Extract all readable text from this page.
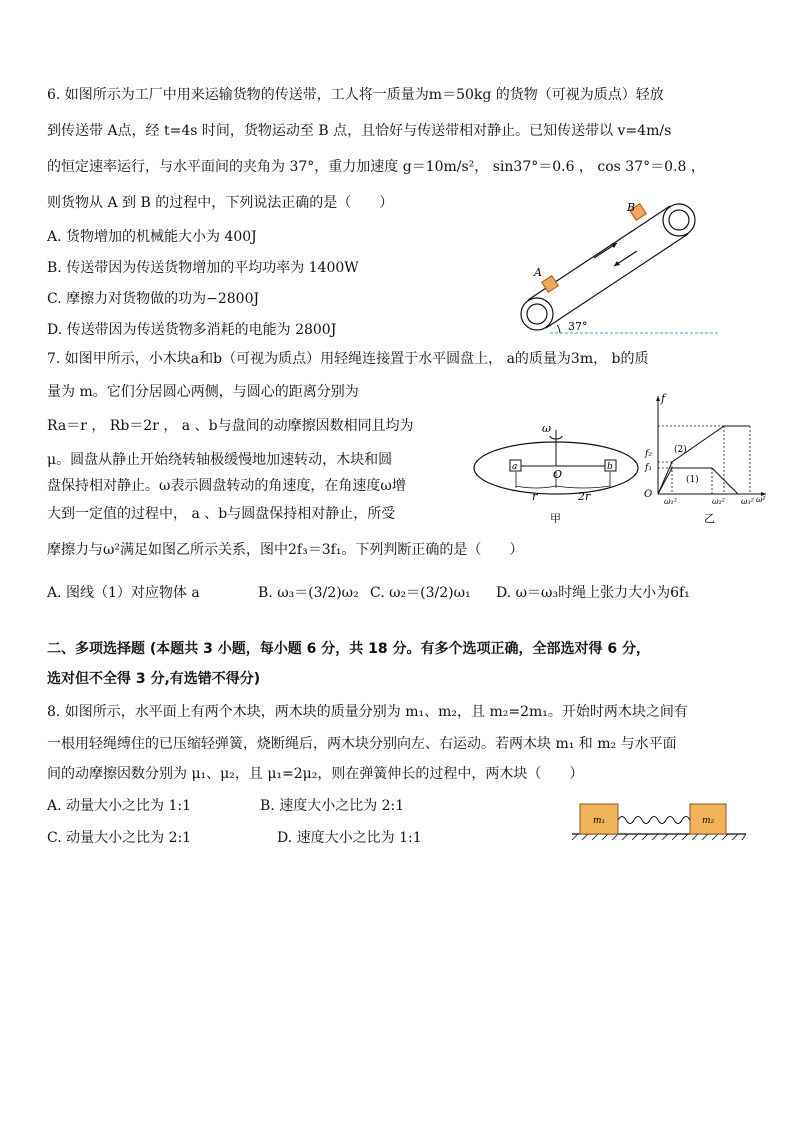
6. 如图所示为工厂中用来运输货物的传送带，工人将一质量为m＝50kg 的货物（可视为质点）轻放
到传送带 A点，经 t=4s 时间，货物运动至 B 点，且恰好与传送带相对静止。已知传送带以 v=4m/s
的恒定速率运行，与水平面间的夹角为 37°，重力加速度 g＝10m/s²， sin37°＝0.6 ， cos 37°＝0.8 ，
则货物从 A 到 B 的过程中，下列说法正确的是（　　）
A. 货物增加的机械能大小为 400J
B. 传送带因为传送货物增加的平均功率为 1400W
C. 摩擦力对货物做的功为−2800J
D. 传送带因为传送货物多消耗的电能为 2800J
A
B
37°
7. 如图甲所示，小木块a和b（可视为质点）用轻绳连接置于水平圆盘上， a的质量为3m， b的质
量为 m。它们分居圆心两侧，与圆心的距离分别为
Ra＝r ， Rb＝2r ， a 、b与盘间的动摩擦因数相同且均为
μ。圆盘从静止开始绕转轴极缓慢地加速转动，木块和圆
盘保持相对静止。ω表示圆盘转动的角速度，在角速度ω增
大到一定值的过程中， a 、b与圆盘保持相对静止，所受
摩擦力与ω²满足如图乙所示关系，图中2f₃＝3f₁。下列判断正确的是（　　）
A. 图线（1）对应物体 a	B. ω₃＝(3/2)ω₂ C. ω₂＝(3/2)ω₁ D. ω＝ω₃时绳上张力大小为6f₁
ω
a	b
O
r	2r
甲
f
O
f₂
f₁
(2)
(1)
ω₁²	ω₂² ω₃² ω²
乙
二、多项选择题 (本题共 3 小题，每小题 6 分，共 18 分。有多个选项正确，全部选对得 6 分，
选对但不全得 3 分,有选错不得分)
8. 如图所示，水平面上有两个木块，两木块的质量分别为 m₁、m₂，且 m₂=2m₁。开始时两木块之间有
一根用轻绳缚住的已压缩轻弹簧，烧断绳后，两木块分别向左、右运动。若两木块 m₁ 和 m₂ 与水平面
间的动摩擦因数分别为 μ₁、μ₂，且 μ₁=2μ₂，则在弹簧伸长的过程中，两木块（　　）
A. 动量大小之比为 1:1	B. 速度大小之比为 2:1
C. 动量大小之比为 2:1	D. 速度大小之比为 1:1
m₁	m₂
